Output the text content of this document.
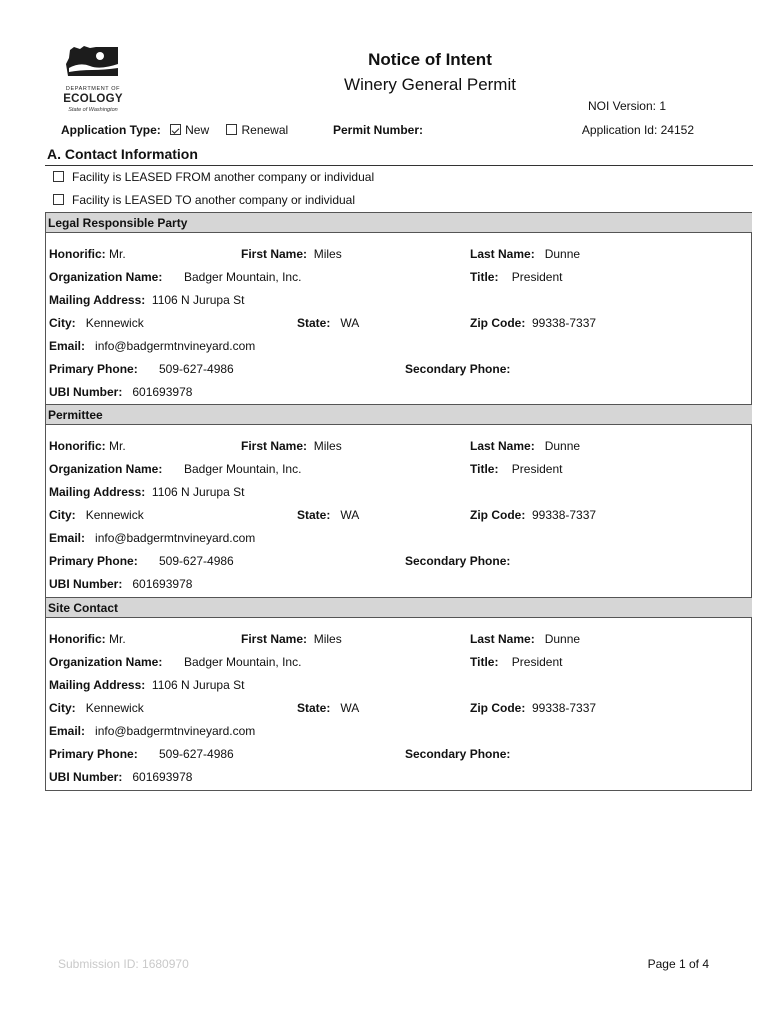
DEPARTMENT OF
ECOLOGY
State of Washington
Notice of Intent
Winery General Permit
NOI Version: 1
Application Type: New	Renewal	Permit Number:	Application Id: 24152
A. Contact Information
Facility is LEASED FROM another company or individual
Facility is LEASED TO another company or individual
Legal Responsible Party
Honorific: Mr.	First Name: Miles	Last Name: Dunne
Organization Name: Badger Mountain, Inc.	Title: President
Mailing Address: 1106 N Jurupa St
City: Kennewick	State: WA	Zip Code: 99338-7337
Email: info@badgermtnvineyard.com
Primary Phone: 509-627-4986	Secondary Phone:
UBI Number: 601693978
Permittee
Honorific: Mr.	First Name: Miles	Last Name: Dunne
Organization Name: Badger Mountain, Inc.	Title: President
Mailing Address: 1106 N Jurupa St
City: Kennewick	State: WA	Zip Code: 99338-7337
Email: info@badgermtnvineyard.com
Primary Phone: 509-627-4986	Secondary Phone:
UBI Number: 601693978
Site Contact
Honorific: Mr.	First Name: Miles	Last Name: Dunne
Organization Name: Badger Mountain, Inc.	Title: President
Mailing Address: 1106 N Jurupa St
City: Kennewick	State: WA	Zip Code: 99338-7337
Email: info@badgermtnvineyard.com
Primary Phone: 509-627-4986	Secondary Phone:
UBI Number: 601693978
Submission ID: 1680970	Page 1 of 4
